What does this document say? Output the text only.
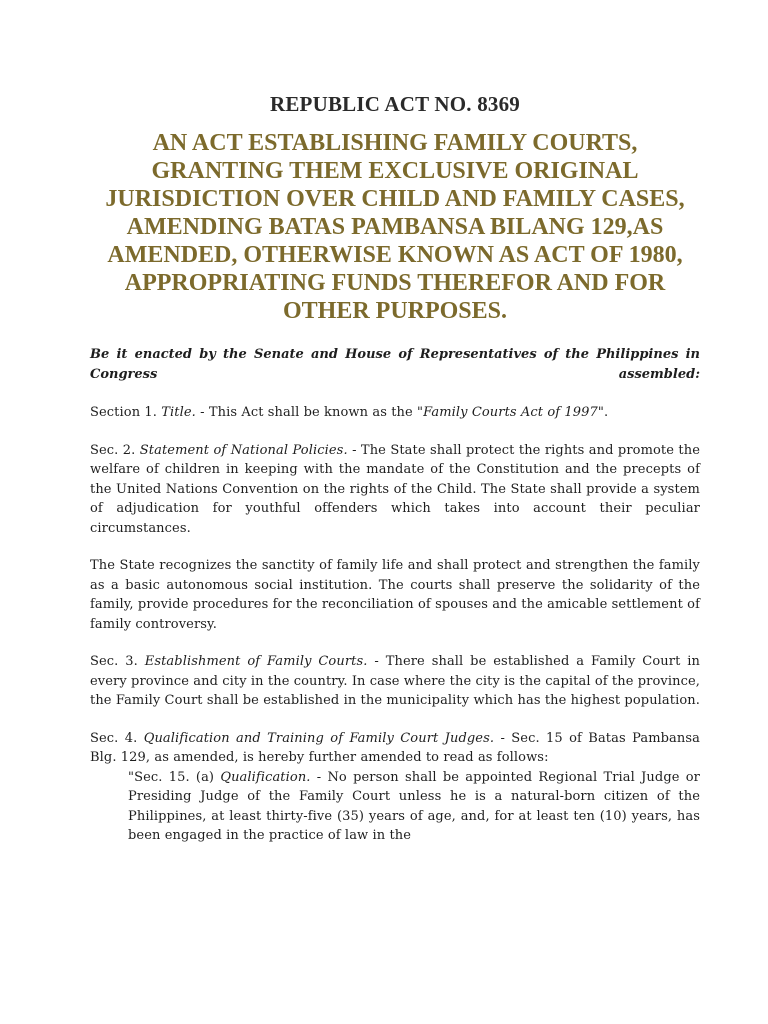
REPUBLIC ACT NO. 8369
AN ACT ESTABLISHING FAMILY COURTS,
GRANTING THEM EXCLUSIVE ORIGINAL
JURISDICTION OVER CHILD AND FAMILY CASES,
AMENDING BATAS PAMBANSA BILANG 129,AS
AMENDED, OTHERWISE KNOWN AS ACT OF 1980,
APPROPRIATING FUNDS THEREFOR AND FOR
OTHER PURPOSES.

Be it enacted by the Senate and House of Representatives of the Philippines in Congress assembled:

Section 1. Title. - This Act shall be known as the "Family Courts Act of 1997".

Sec. 2. Statement of National Policies. - The State shall protect the rights and promote the welfare of children in keeping with the mandate of the Constitution and the precepts of the United Nations Convention on the rights of the Child. The State shall provide a system of adjudication for youthful offenders which takes into account their peculiar circumstances.

The State recognizes the sanctity of family life and shall protect and strengthen the family as a basic autonomous social institution. The courts shall preserve the solidarity of the family, provide procedures for the reconciliation of spouses and the amicable settlement of family controversy.

Sec. 3. Establishment of Family Courts. - There shall be established a Family Court in every province and city in the country. In case where the city is the capital of the province, the Family Court shall be established in the municipality which has the highest population.

Sec. 4. Qualification and Training of Family Court Judges. - Sec. 15 of Batas Pambansa Blg. 129, as amended, is hereby further amended to read as follows:

"Sec. 15. (a) Qualification. - No person shall be appointed Regional Trial Judge or Presiding Judge of the Family Court unless he is a natural-born citizen of the Philippines, at least thirty-five (35) years of age, and, for at least ten (10) years, has been engaged in the practice of law in the
